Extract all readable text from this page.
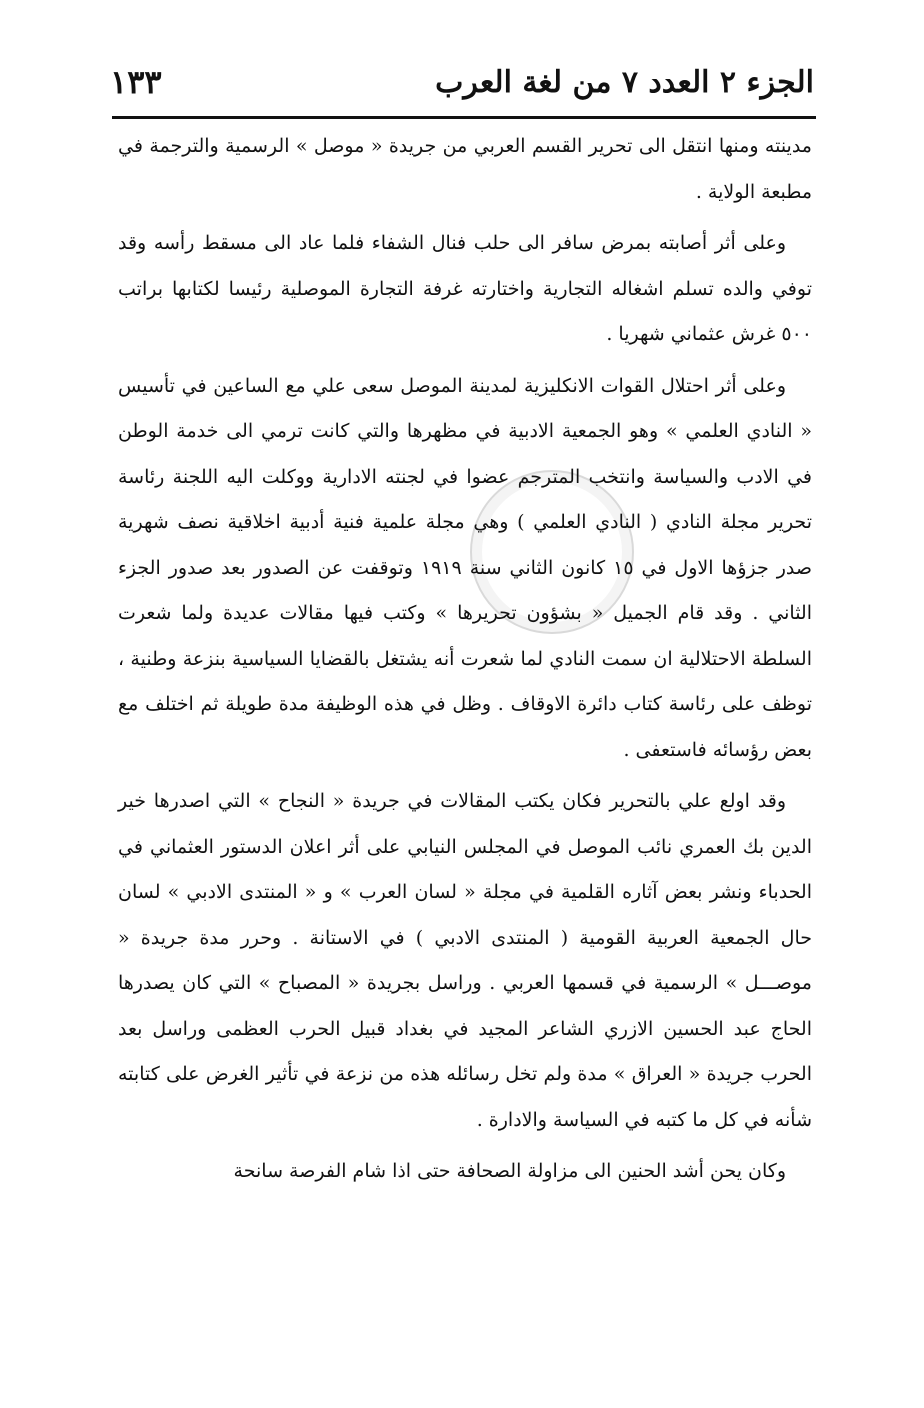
الجزء ٢ العدد ٧ من لغة العرب
١٣٣

مدينته ومنها انتقل الى تحرير القسم العربي من جريدة « موصل » الرسمية والترجمة في مطبعة الولاية .

وعلى أثر أصابته بمرض سافر الى حلب فنال الشفاء فلما عاد الى مسقط رأسه وقد توفي والده تسلم اشغاله التجارية واختارته غرفة التجارة الموصلية رئيسا لكتابها براتب ٥٠٠ غرش عثماني شهريا .

وعلى أثر احتلال القوات الانكليزية لمدينة الموصل سعى علي مع الساعين في تأسيس « النادي العلمي » وهو الجمعية الادبية في مظهرها والتي كانت ترمي الى خدمة الوطن في الادب والسياسة وانتخب المترجم عضوا في لجنته الادارية ووكلت اليه اللجنة رئاسة تحرير مجلة النادي ( النادي العلمي ) وهي مجلة علمية فنية أدبية اخلاقية نصف شهرية صدر جزؤها الاول في ١٥ كانون الثاني سنة ١٩١٩ وتوقفت عن الصدور بعد صدور الجزء الثاني . وقد قام الجميل « بشؤون تحريرها » وكتب فيها مقالات عديدة ولما شعرت السلطة الاحتلالية ان سمت النادي لما شعرت أنه يشتغل بالقضايا السياسية بنزعة وطنية ، توظف على رئاسة كتاب دائرة الاوقاف . وظل في هذه الوظيفة مدة طويلة ثم اختلف مع بعض رؤسائه فاستعفى .

وقد اولع علي بالتحرير فكان يكتب المقالات في جريدة « النجاح » التي اصدرها خير الدين بك العمري نائب الموصل في المجلس النيابي على أثر اعلان الدستور العثماني في الحدباء ونشر بعض آثاره القلمية في مجلة « لسان العرب » و « المنتدى الادبي » لسان حال الجمعية العربية القومية ( المنتدى الادبي ) في الاستانة . وحرر مدة جريدة « موصـــل » الرسمية في قسمها العربي . وراسل بجريدة « المصباح » التي كان يصدرها الحاج عبد الحسين الازري الشاعر المجيد في بغداد قبيل الحرب العظمى وراسل بعد الحرب جريدة « العراق » مدة ولم تخل رسائله هذه من نزعة في تأثير الغرض على كتابته شأنه في كل ما كتبه في السياسة والادارة .

وكان يحن أشد الحنين الى مزاولة الصحافة حتى اذا شام الفرصة سانحة
